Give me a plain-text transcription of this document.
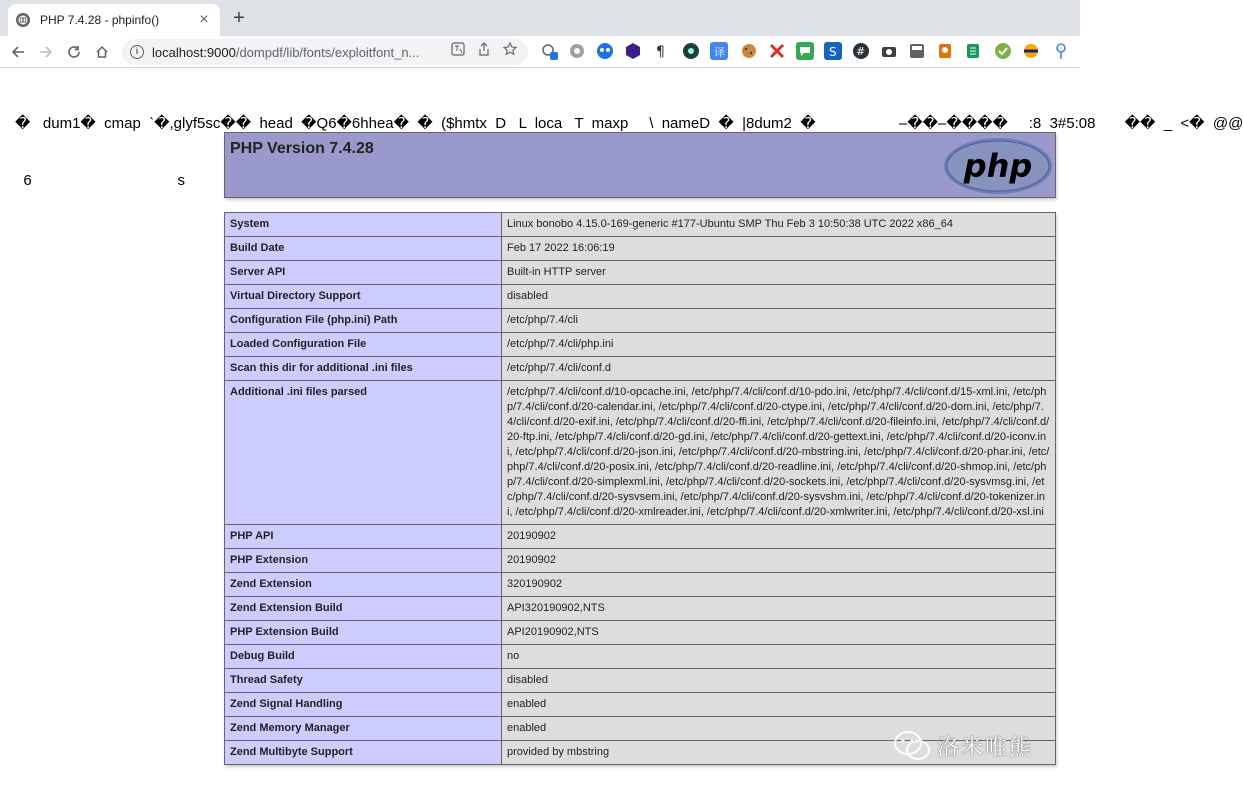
PHP 7.4.28 - phpinfo()	× +
i	localhost:9000/dompdf/lib/fonts/exploitfont_n...	¶	译	S #

�   dum1�  cmap  `�,glyf5sc��  head  �Q6�6hhea�  �  ($hmtx  D   L  loca   T  maxp     \  nameD  �  |8dum2  �                    –��–����     :8  3#5:08       ��  _  <�  @@

6                                   s

PHP Version 7.4.28	php
System	Linux bonobo 4.15.0-169-generic #177-Ubuntu SMP Thu Feb 3 10:50:38 UTC 2022 x86_64
Build Date	Feb 17 2022 16:06:19
Server API	Built-in HTTP server
Virtual Directory Support	disabled
Configuration File (php.ini) Path	/etc/php/7.4/cli
Loaded Configuration File	/etc/php/7.4/cli/php.ini
Scan this dir for additional .ini files	/etc/php/7.4/cli/conf.d
Additional .ini files parsed	/etc/php/7.4/cli/conf.d/10-opcache.ini, /etc/php/7.4/cli/conf.d/10-pdo.ini, /etc/php/7.4/cli/conf.d/15-xml.ini, /etc/php/7.4/cli/conf.d/20-calendar.ini, /etc/php/7.4/cli/conf.d/20-ctype.ini, /etc/php/7.4/cli/conf.d/20-dom.ini, /etc/php/7.4/cli/conf.d/20-exif.ini, /etc/php/7.4/cli/conf.d/20-ffi.ini, /etc/php/7.4/cli/conf.d/20-fileinfo.ini, /etc/php/7.4/cli/conf.d/20-ftp.ini, /etc/php/7.4/cli/conf.d/20-gd.ini, /etc/php/7.4/cli/conf.d/20-gettext.ini, /etc/php/7.4/cli/conf.d/20-iconv.ini, /etc/php/7.4/cli/conf.d/20-json.ini, /etc/php/7.4/cli/conf.d/20-mbstring.ini, /etc/php/7.4/cli/conf.d/20-phar.ini, /etc/php/7.4/cli/conf.d/20-posix.ini, /etc/php/7.4/cli/conf.d/20-readline.ini, /etc/php/7.4/cli/conf.d/20-shmop.ini, /etc/php/7.4/cli/conf.d/20-simplexml.ini, /etc/php/7.4/cli/conf.d/20-sockets.ini, /etc/php/7.4/cli/conf.d/20-sysvmsg.ini, /etc/php/7.4/cli/conf.d/20-sysvsem.ini, /etc/php/7.4/cli/conf.d/20-sysvshm.ini, /etc/php/7.4/cli/conf.d/20-tokenizer.ini, /etc/php/7.4/cli/conf.d/20-xmlreader.ini, /etc/php/7.4/cli/conf.d/20-xmlwriter.ini, /etc/php/7.4/cli/conf.d/20-xsl.ini
PHP API	20190902
PHP Extension	20190902
Zend Extension	320190902
Zend Extension Build	API320190902,NTS
PHP Extension Build	API20190902,NTS
Debug Build	no
Thread Safety	disabled
Zend Signal Handling	enabled
Zend Memory Manager	enabled
Zend Multibyte Support	provided by mbstring	洛米唯熊
